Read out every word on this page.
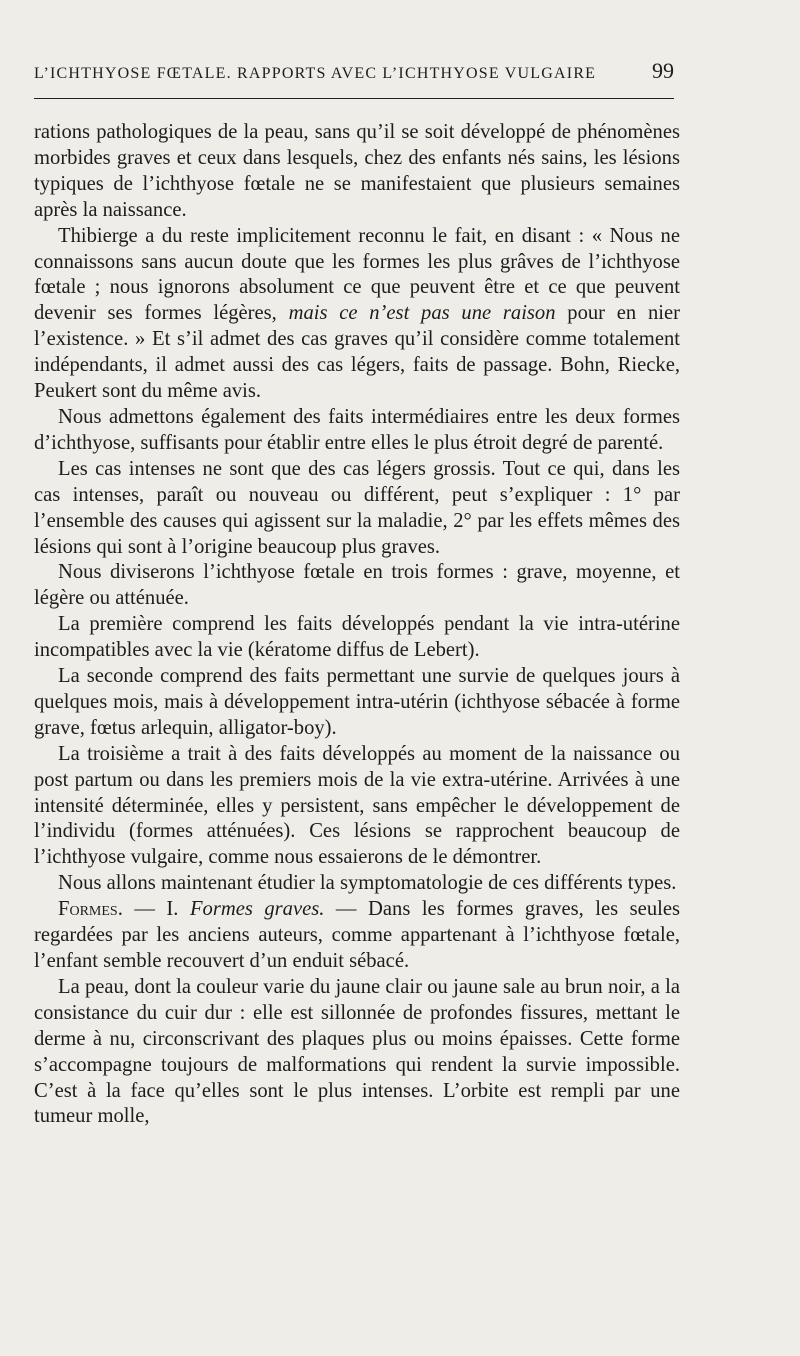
L’ICHTHYOSE FŒTALE. RAPPORTS AVEC L’ICHTHYOSE VULGAIRE	99

rations pathologiques de la peau, sans qu’il se soit développé de phénomènes morbides graves et ceux dans lesquels, chez des enfants nés sains, les lésions typiques de l’ichthyose fœtale ne se manifestaient que plusieurs semaines après la naissance.

Thibierge a du reste implicitement reconnu le fait, en disant : « Nous ne connaissons sans aucun doute que les formes les plus grâves de l’ichthyose fœtale ; nous ignorons absolument ce que peuvent être et ce que peuvent devenir ses formes légères, mais ce n’est pas une raison pour en nier l’existence. » Et s’il admet des cas graves qu’il considère comme totalement indépendants, il admet aussi des cas légers, faits de passage. Bohn, Riecke, Peukert sont du même avis.

Nous admettons également des faits intermédiaires entre les deux formes d’ichthyose, suffisants pour établir entre elles le plus étroit degré de parenté.

Les cas intenses ne sont que des cas légers grossis. Tout ce qui, dans les cas intenses, paraît ou nouveau ou différent, peut s’expliquer : 1° par l’ensemble des causes qui agissent sur la maladie, 2° par les effets mêmes des lésions qui sont à l’origine beaucoup plus graves.

Nous diviserons l’ichthyose fœtale en trois formes : grave, moyenne, et légère ou atténuée.

La première comprend les faits développés pendant la vie intra-utérine incompatibles avec la vie (kératome diffus de Lebert).

La seconde comprend des faits permettant une survie de quelques jours à quelques mois, mais à développement intra-utérin (ichthyose sébacée à forme grave, fœtus arlequin, alligator-boy).

La troisième a trait à des faits développés au moment de la naissance ou post partum ou dans les premiers mois de la vie extra-utérine. Arrivées à une intensité déterminée, elles y persistent, sans empêcher le développement de l’individu (formes atténuées). Ces lésions se rapprochent beaucoup de l’ichthyose vulgaire, comme nous essaierons de le démontrer.

Nous allons maintenant étudier la symptomatologie de ces différents types.

Formes. — I. Formes graves. — Dans les formes graves, les seules regardées par les anciens auteurs, comme appartenant à l’ichthyose fœtale, l’enfant semble recouvert d’un enduit sébacé.

La peau, dont la couleur varie du jaune clair ou jaune sale au brun noir, a la consistance du cuir dur : elle est sillonnée de profondes fissures, mettant le derme à nu, circonscrivant des plaques plus ou moins épaisses. Cette forme s’accompagne toujours de malformations qui rendent la survie impossible. C’est à la face qu’elles sont le plus intenses. L’orbite est rempli par une tumeur molle,
